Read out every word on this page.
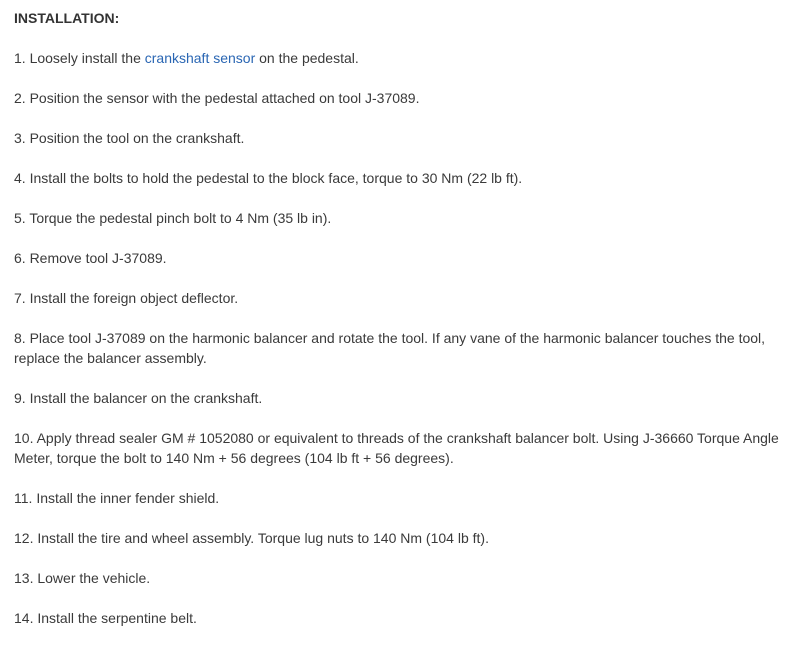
INSTALLATION:
1. Loosely install the crankshaft sensor on the pedestal.
2. Position the sensor with the pedestal attached on tool J-37089.
3. Position the tool on the crankshaft.
4. Install the bolts to hold the pedestal to the block face, torque to 30 Nm (22 lb ft).
5. Torque the pedestal pinch bolt to 4 Nm (35 lb in).
6. Remove tool J-37089.
7. Install the foreign object deflector.
8. Place tool J-37089 on the harmonic balancer and rotate the tool. If any vane of the harmonic balancer touches the tool, replace the balancer assembly.
9. Install the balancer on the crankshaft.
10. Apply thread sealer GM # 1052080 or equivalent to threads of the crankshaft balancer bolt. Using J-36660 Torque Angle Meter, torque the bolt to 140 Nm + 56 degrees (104 lb ft + 56 degrees).
11. Install the inner fender shield.
12. Install the tire and wheel assembly. Torque lug nuts to 140 Nm (104 lb ft).
13. Lower the vehicle.
14. Install the serpentine belt.
